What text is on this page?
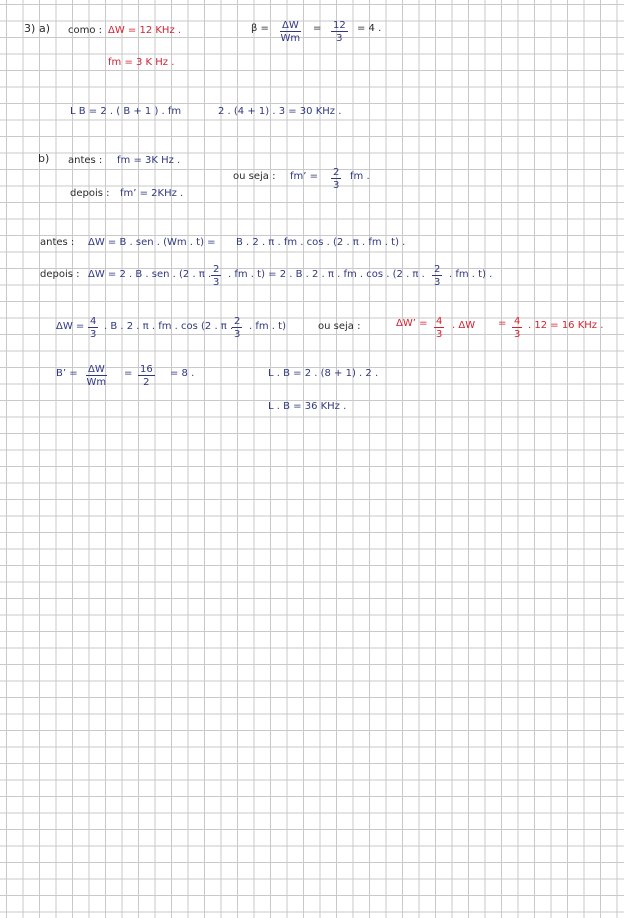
3) a) como : ΔW = 12 KHz .	$\beta = \frac{\Delta W}{Wm} = \frac{12}{3} = 4$ .
fm = 3 K Hz .
L B = 2 . ( B + 1 ) . fm	2 . (4 + 1) . 3 = 30 KHz .
b) antes : fm = 3K Hz .
depois : fm’ = 2KHz .
ou seja : fm’ = $\frac{2}{3}$ fm .
antes : ΔW = B . sen . (Wm . t) = B . 2 . π . fm . cos . (2 . π . fm . t) .
depois : ΔW = 2 . B . sen . (2 . π . $\frac{2}{3}$ . fm . t) = 2 . B . 2 . π . fm . cos . (2 . π . $\frac{2}{3}$ . fm . t) .
$\Delta W = \frac{4}{3}$ . B . 2 . π . fm . cos (2 . π .
$\frac{2}{3}$ . fm . t)	ou seja :	ΔW’ = $\frac{4}{3}$ . $\Delta W = \frac{4}{3}$ . 12 = 16 KHz .
B’ = $\frac{\Delta W}{Wm} = \frac{16}{2} = 8$ .	L . B = 2 . (8 + 1) . 2 .
L . B = 36 KHz .
